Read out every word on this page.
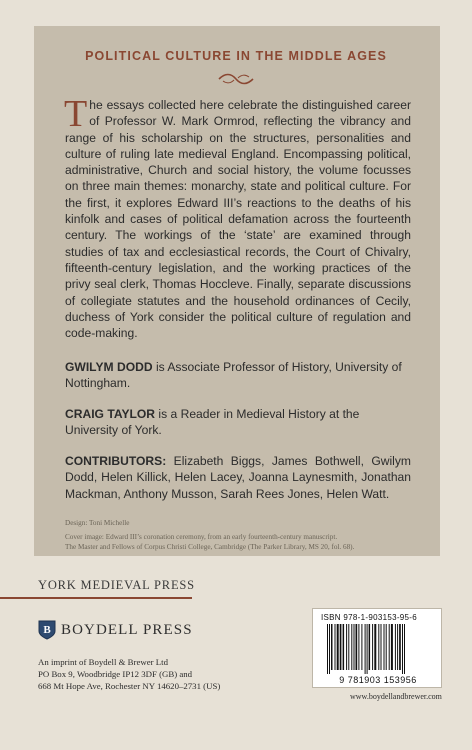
POLITICAL CULTURE IN THE MIDDLE AGES
The essays collected here celebrate the distinguished career of Professor W. Mark Ormrod, reflecting the vibrancy and range of his scholarship on the structures, personalities and culture of ruling late medieval England. Encompassing political, administrative, Church and social history, the volume focusses on three main themes: monarchy, state and political culture. For the first, it explores Edward III’s reactions to the deaths of his kinfolk and cases of political defamation across the fourteenth century. The workings of the ‘state’ are examined through studies of tax and ecclesiastical records, the Court of Chivalry, fifteenth-century legislation, and the working practices of the privy seal clerk, Thomas Hoccleve. Finally, separate discussions of collegiate statutes and the household ordinances of Cecily, duchess of York consider the political culture of regulation and code-making.
GWILYM DODD is Associate Professor of History, University of Nottingham.
CRAIG TAYLOR is a Reader in Medieval History at the University of York.
CONTRIBUTORS: Elizabeth Biggs, James Bothwell, Gwilym Dodd, Helen Killick, Helen Lacey, Joanna Laynesmith, Jonathan Mackman, Anthony Musson, Sarah Rees Jones, Helen Watt.
Design: Toni Michelle
Cover image: Edward III’s coronation ceremony, from an early fourteenth-century manuscript.
The Master and Fellows of Corpus Christi College, Cambridge (The Parker Library, MS 20, fol. 68).
YORK MEDIEVAL PRESS
B BOYDELL PRESS
An imprint of Boydell & Brewer Ltd
PO Box 9, Woodbridge IP12 3DF (GB) and
668 Mt Hope Ave, Rochester NY 14620–2731 (US)
ISBN 978-1-903153-95-6
9 781903 153956
www.boydellandbrewer.com
